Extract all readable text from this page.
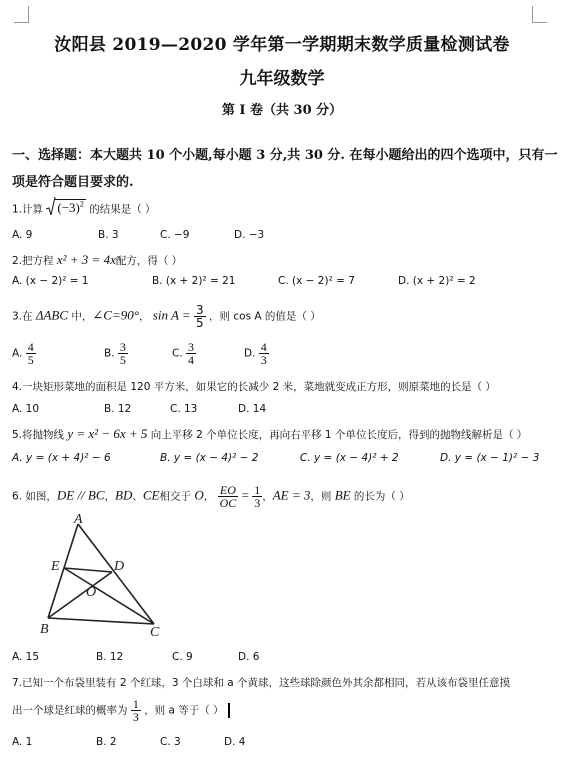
汝阳县 2019—2020 学年第一学期期末数学质量检测试卷
九年级数学
第 I 卷（共 30 分）
一、选择题：本大题共 10 个小题,每小题 3 分,共 30 分. 在每小题给出的四个选项中，只有一
项是符合题目要求的.
1.计算 $(-3)^2$ 的结果是（ ）
A. 9	B. 3	C. −9	D. −3
2.把方程 x² + 3 = 4x配方，得（ ）
A. (x − 2)² = 1	B. (x + 2)² = 21	C. (x − 2)² = 7	D. (x + 2)² = 2
3.在 ΔABC 中，∠C=90°， $\sin A = \frac{3}{5}$ ，则 cos A 的值是（ ）
A. $\frac{4}{5}$	B. $\frac{3}{5}$	C. $\frac{3}{4}$	D. $\frac{4}{3}$
4.一块矩形菜地的面积是 120 平方米，如果它的长减少 2 米，菜地就变成正方形，则原菜地的长是（ ）
A. 10	B. 12	C. 13	D. 14
5.将抛物线 y = x² − 6x + 5 向上平移 2 个单位长度，再向右平移 1 个单位长度后，得到的抛物线解析是（ ）
A. y = (x + 4)² − 6	B. y = (x − 4)² − 2	C. y = (x − 4)² + 2	D. y = (x − 1)² − 3
6. 如图，DE // BC，BD、CE相交于 O， $\frac{EO}{OC} = \frac{1}{3}$ ，AE = 3，则 BE 的长为（ ）
A
E	D
O
B	C
A. 15	B. 12	C. 9	D. 6
7.已知一个布袋里装有 2 个红球，3 个白球和 a 个黄球，这些球除颜色外其余都相同，若从该布袋里任意摸
出一个球是红球的概率为 $\frac{1}{3}$ ，则 a 等于（ ）
A. 1	B. 2	C. 3	D. 4
